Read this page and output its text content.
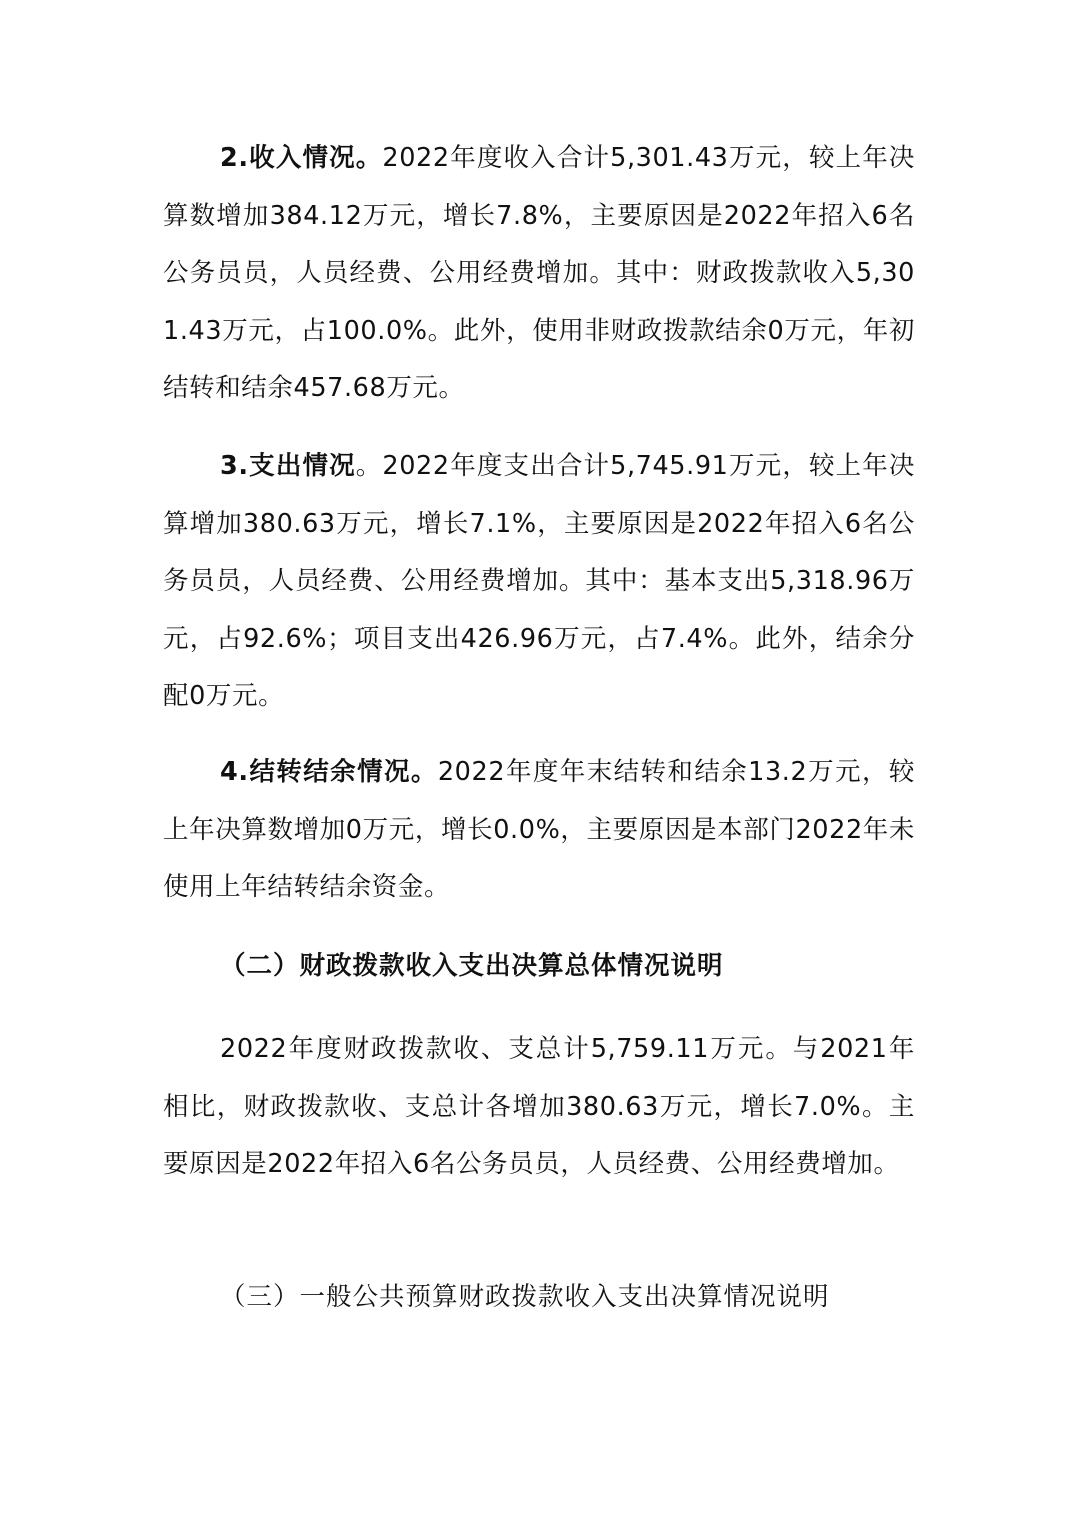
2.收入情况。2022年度收入合计5,301.43万元，较上年决算数增加384.12万元，增长7.8%，主要原因是2022年招入6名公务员员，人员经费、公用经费增加。其中：财政拨款收入5,301.43万元，占100.0%。此外，使用非财政拨款结余0万元，年初结转和结余457.68万元。

3.支出情况。2022年度支出合计5,745.91万元，较上年决算增加380.63万元，增长7.1%，主要原因是2022年招入6名公务员员，人员经费、公用经费增加。其中：基本支出5,318.96万元，占92.6%；项目支出426.96万元，占7.4%。此外，结余分配0万元。

4.结转结余情况。2022年度年末结转和结余13.2万元，较上年决算数增加0万元，增长0.0%，主要原因是本部门2022年未使用上年结转结余资金。

（二）财政拨款收入支出决算总体情况说明

2022年度财政拨款收、支总计5,759.11万元。与2021年相比，财政拨款收、支总计各增加380.63万元，增长7.0%。主要原因是2022年招入6名公务员员，人员经费、公用经费增加。

（三）一般公共预算财政拨款收入支出决算情况说明
